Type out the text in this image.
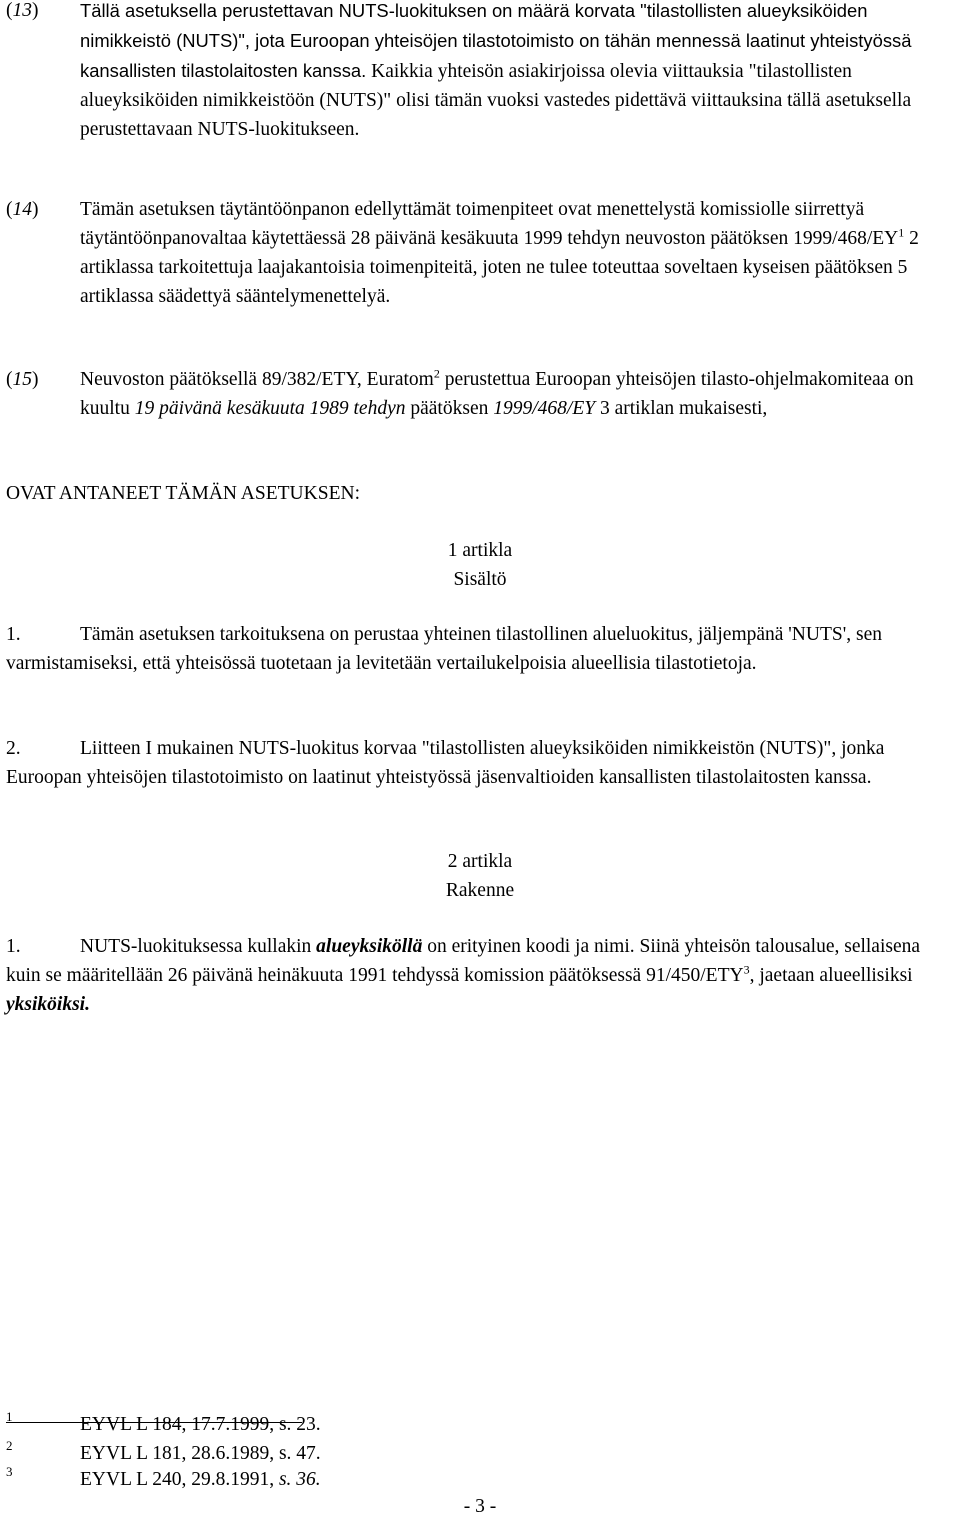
(13)	Tällä asetuksella perustettavan NUTS-luokituksen on määrä korvata "tilastollisten alueyksiköiden nimikkeistö (NUTS)", jota Euroopan yhteisöjen tilastotoimisto on tähän mennessä laatinut yhteistyössä kansallisten tilastolaitosten kanssa. Kaikkia yhteisön asiakirjoissa olevia viittauksia "tilastollisten alueyksiköiden nimikkeistöön (NUTS)" olisi tämän vuoksi vastedes pidettävä viittauksina tällä asetuksella perustettavaan NUTS-luokitukseen.
(14)	Tämän asetuksen täytäntöönpanon edellyttämät toimenpiteet ovat menettelystä komissiolle siirrettyä täytäntöönpanovaltaa käytettäessä 28 päivänä kesäkuuta 1999 tehdyn neuvoston päätöksen $1999/468/EY^1$ 2 artiklassa tarkoitettuja laajakantoisia toimenpiteitä, joten ne tulee toteuttaa soveltaen kyseisen päätöksen 5 artiklassa säädettyä sääntelymenettelyä.
(15)	Neuvoston päätöksellä 89/382/ETY, Euratom$^2$ perustettua Euroopan yhteisöjen tilasto-ohjelmakomiteaa on kuultu 19 päivänä kesäkuuta 1989 tehdyn päätöksen 1999/468/EY 3 artiklan mukaisesti,
OVAT ANTANEET TÄMÄN ASETUKSEN:
1 artikla
Sisältö
1.	Tämän asetuksen tarkoituksena on perustaa yhteinen tilastollinen alueluokitus, jäljempänä 'NUTS', sen varmistamiseksi, että yhteisössä tuotetaan ja levitetään vertailukelpoisia alueellisia tilastotietoja.
2.	Liitteen I mukainen NUTS-luokitus korvaa "tilastollisten alueyksiköiden nimikkeistön (NUTS)", jonka Euroopan yhteisöjen tilastotoimisto on laatinut yhteistyössä jäsenvaltioiden kansallisten tilastolaitosten kanssa.
2 artikla
Rakenne
1.	NUTS-luokituksessa kullakin alueyksiköllä on erityinen koodi ja nimi. Siinä yhteisön talousalue, sellaisena kuin se määritellään 26 päivänä heinäkuuta 1991 tehdyssä komission päätöksessä 91/450/ETY$^3$, jaetaan alueellisiksi yksiköiksi.
1	EYVL L 184, 17.7.1999, s. 23.
2	EYVL L 181, 28.6.1989, s. 47.
3	EYVL L 240, 29.8.1991, s. 36.
- 3 -
